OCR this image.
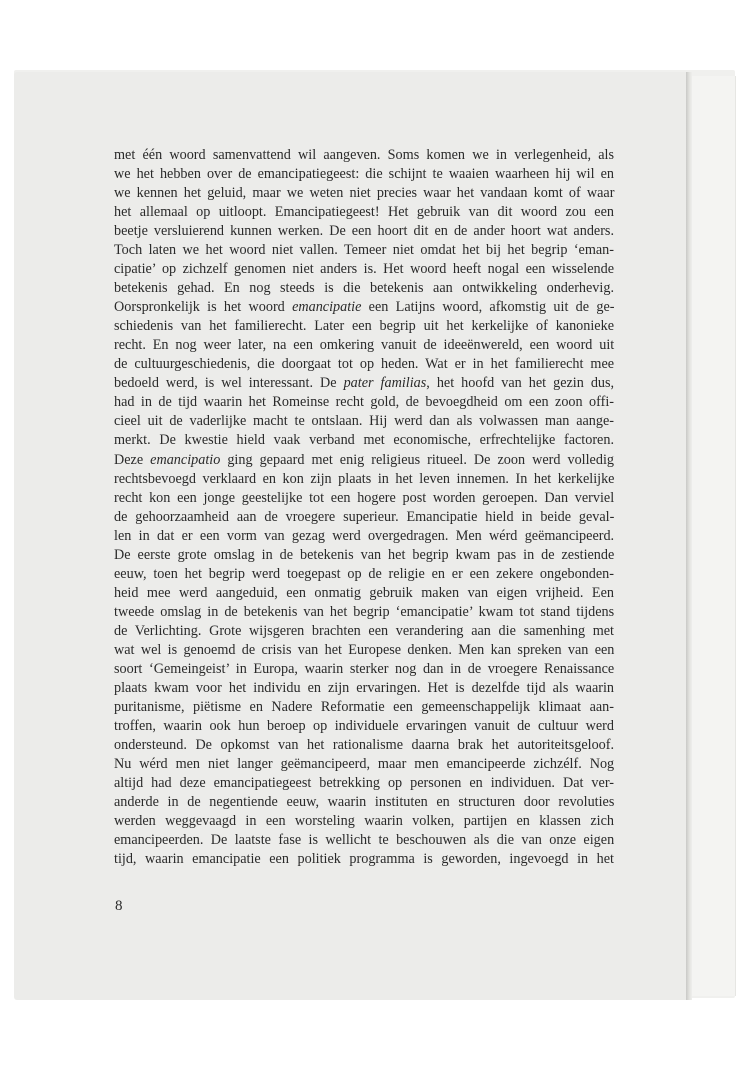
met één woord samenvattend wil aangeven. Soms komen we in verlegenheid, als
we het hebben over de emancipatiegeest: die schijnt te waaien waarheen hij wil en
we kennen het geluid, maar we weten niet precies waar het vandaan komt of waar
het allemaal op uitloopt. Emancipatiegeest! Het gebruik van dit woord zou een
beetje versluierend kunnen werken. De een hoort dit en de ander hoort wat anders.
Toch laten we het woord niet vallen. Temeer niet omdat het bij het begrip ‘eman-
cipatie’ op zichzelf genomen niet anders is. Het woord heeft nogal een wisselende
betekenis gehad. En nog steeds is die betekenis aan ontwikkeling onderhevig.
Oorspronkelijk is het woord emancipatie een Latijns woord, afkomstig uit de ge-
schiedenis van het familierecht. Later een begrip uit het kerkelijke of kanonieke
recht. En nog weer later, na een omkering vanuit de ideeënwereld, een woord uit
de cultuurgeschiedenis, die doorgaat tot op heden. Wat er in het familierecht mee
bedoeld werd, is wel interessant. De pater familias, het hoofd van het gezin dus,
had in de tijd waarin het Romeinse recht gold, de bevoegdheid om een zoon offi-
cieel uit de vaderlijke macht te ontslaan. Hij werd dan als volwassen man aange-
merkt. De kwestie hield vaak verband met economische, erfrechtelijke factoren.
Deze emancipatio ging gepaard met enig religieus ritueel. De zoon werd volledig
rechtsbevoegd verklaard en kon zijn plaats in het leven innemen. In het kerkelijke
recht kon een jonge geestelijke tot een hogere post worden geroepen. Dan verviel
de gehoorzaamheid aan de vroegere superieur. Emancipatie hield in beide geval-
len in dat er een vorm van gezag werd overgedragen. Men wérd geëmancipeerd.
De eerste grote omslag in de betekenis van het begrip kwam pas in de zestiende
eeuw, toen het begrip werd toegepast op de religie en er een zekere ongebonden-
heid mee werd aangeduid, een onmatig gebruik maken van eigen vrijheid. Een
tweede omslag in de betekenis van het begrip ‘emancipatie’ kwam tot stand tijdens
de Verlichting. Grote wijsgeren brachten een verandering aan die samenhing met
wat wel is genoemd de crisis van het Europese denken. Men kan spreken van een
soort ‘Gemeingeist’ in Europa, waarin sterker nog dan in de vroegere Renaissance
plaats kwam voor het individu en zijn ervaringen. Het is dezelfde tijd als waarin
puritanisme, piëtisme en Nadere Reformatie een gemeenschappelijk klimaat aan-
troffen, waarin ook hun beroep op individuele ervaringen vanuit de cultuur werd
ondersteund. De opkomst van het rationalisme daarna brak het autoriteitsgeloof.
Nu wérd men niet langer geëmancipeerd, maar men emancipeerde zichzélf. Nog
altijd had deze emancipatiegeest betrekking op personen en individuen. Dat ver-
anderde in de negentiende eeuw, waarin instituten en structuren door revoluties
werden weggevaagd in een worsteling waarin volken, partijen en klassen zich
emancipeerden. De laatste fase is wellicht te beschouwen als die van onze eigen
tijd, waarin emancipatie een politiek programma is geworden, ingevoegd in het
8
